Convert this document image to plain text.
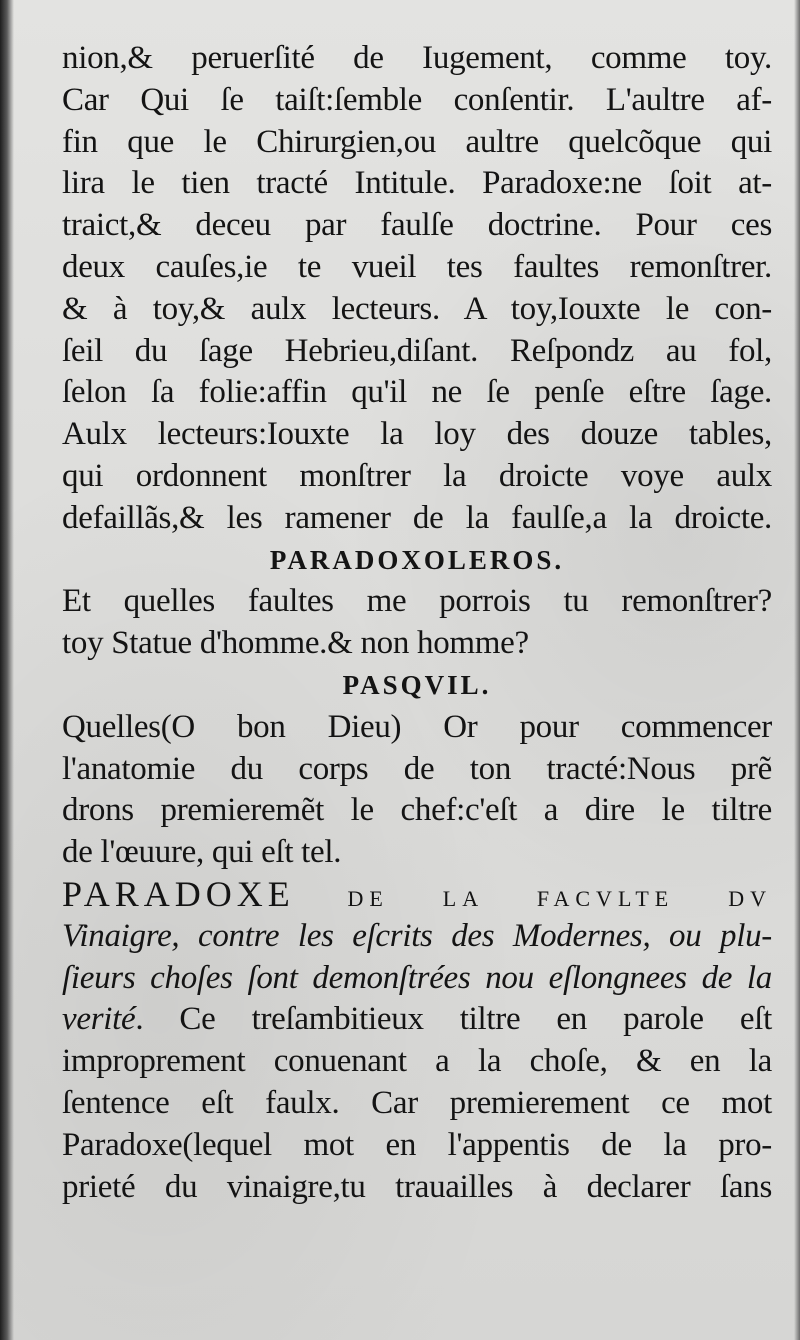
nion,& peruerſité de Iugement, comme toy.
Car Qui ſe taiſt:ſemble conſentir. L'aultre af-
fin que le Chirurgien,ou aultre quelcõque qui
lira le tien tracté Intitule. Paradoxe:ne ſoit at-
traict,& deceu par faulſe doctrine. Pour ces
deux cauſes,ie te vueil tes faultes remonſtrer.
& à toy,& aulx lecteurs. A toy,Iouxte le con-
ſeil du ſage Hebrieu,diſant. Reſpondz au fol,
ſelon ſa folie:affin qu'il ne ſe penſe eſtre ſage.
Aulx lecteurs:Iouxte la loy des douze tables,
qui ordonnent monſtrer la droicte voye aulx
defaillãs,& les ramener de la faulſe,a la droicte.
PARADOXOLEROS.
Et quelles faultes me porrois tu remonſtrer?
toy Statue d'homme.& non homme?
PASQVIL.
Quelles(O bon Dieu) Or pour commencer
l'anatomie du corps de ton tracté:Nous prẽ
drons premieremẽt le chef:c'eſt a dire le tiltre
de l'œuure, qui eſt tel.
PARADOXE DE LA FACVLTE DV
Vinaigre, contre les eſcrits des Modernes, ou plu-
ſieurs choſes ſont demonſtrées nou eſlongnees de la
verité. Ce treſambitieux tiltre en parole eſt
improprement conuenant a la choſe, & en la
ſentence eſt faulx. Car premierement ce mot
Paradoxe(lequel mot en l'appentis de la pro-
prieté du vinaigre,tu trauailles à declarer ſans
